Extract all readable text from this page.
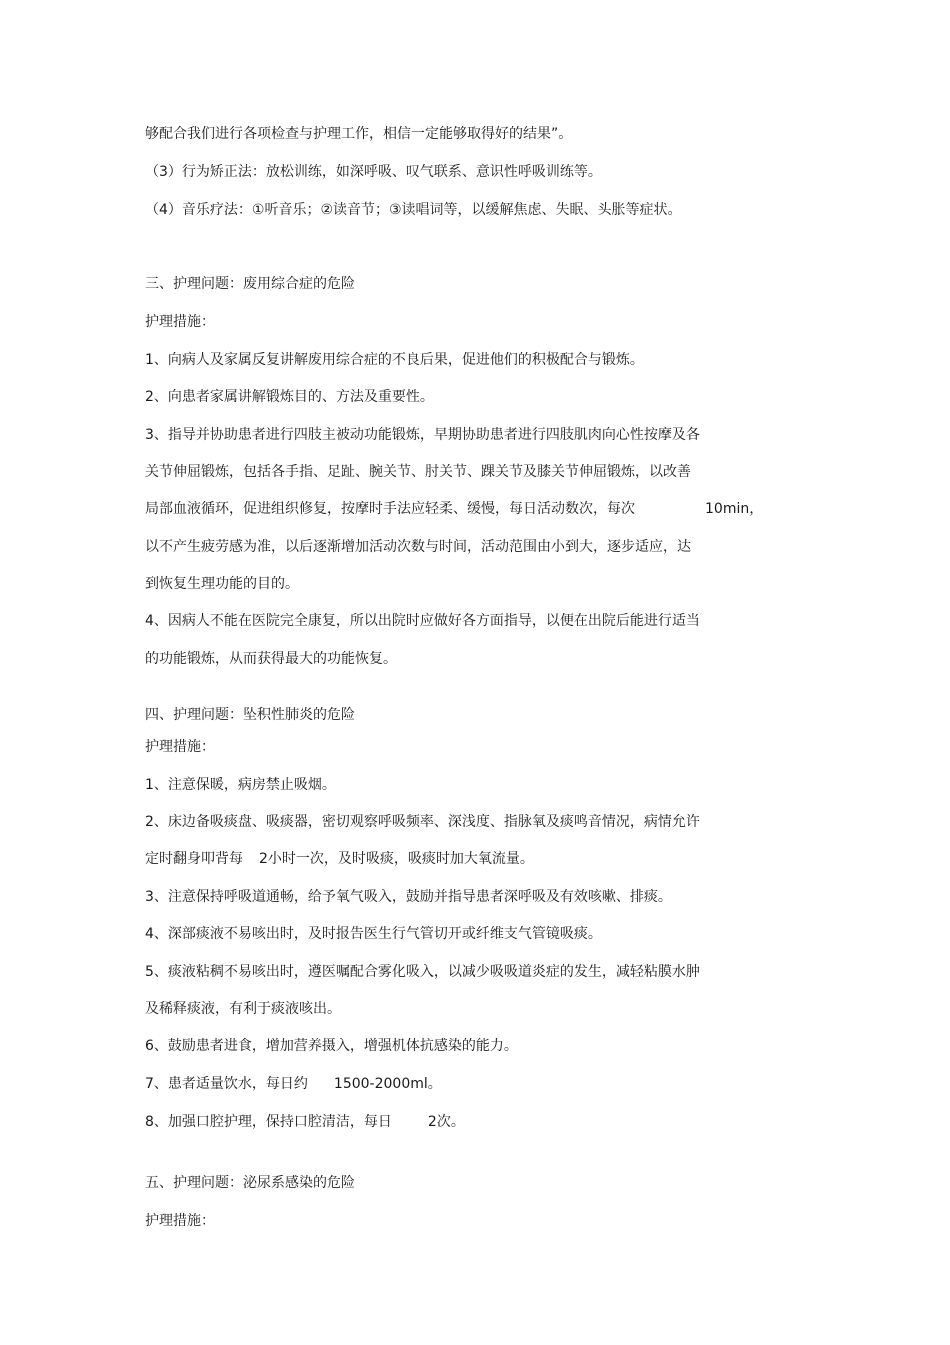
够配合我们进行各项检查与护理工作，相信一定能够取得好的结果”。

（3）行为矫正法：放松训练，如深呼吸、叹气联系、意识性呼吸训练等。

（4）音乐疗法：①听音乐；②读音节；③读唱词等，以缓解焦虑、失眠、头胀等症状。

三、护理问题：废用综合症的危险

护理措施：

1、向病人及家属反复讲解废用综合症的不良后果，促进他们的积极配合与锻炼。

2、向患者家属讲解锻炼目的、方法及重要性。

3、指导并协助患者进行四肢主被动功能锻炼，早期协助患者进行四肢肌肉向心性按摩及各

关节伸屈锻炼，包括各手指、足趾、腕关节、肘关节、踝关节及膝关节伸屈锻炼，以改善

局部血液循环，促进组织修复，按摩时手法应轻柔、缓慢，每日活动数次，每次	10min，

以不产生疲劳感为准，以后逐渐增加活动次数与时间，活动范围由小到大，逐步适应，达

到恢复生理功能的目的。

4、因病人不能在医院完全康复，所以出院时应做好各方面指导，以便在出院后能进行适当

的功能锻炼，从而获得最大的功能恢复。

四、护理问题：坠积性肺炎的危险

护理措施：

1、注意保暖，病房禁止吸烟。

2、床边备吸痰盘、吸痰器，密切观察呼吸频率、深浅度、指脉氧及痰鸣音情况，病情允许

定时翻身叩背每 2小时一次，及时吸痰，吸痰时加大氧流量。

3、注意保持呼吸道通畅，给予氧气吸入，鼓励并指导患者深呼吸及有效咳嗽、排痰。

4、深部痰液不易咳出时，及时报告医生行气管切开或纤维支气管镜吸痰。

5、痰液粘稠不易咳出时，遵医嘱配合雾化吸入，以减少吸吸道炎症的发生，减轻粘膜水肿

及稀释痰液，有利于痰液咳出。

6、鼓励患者进食，增加营养摄入，增强机体抗感染的能力。

7、患者适量饮水，每日约 1500-2000ml。

8、加强口腔护理，保持口腔清洁，每日	2次。

五、护理问题：泌尿系感染的危险

护理措施：
